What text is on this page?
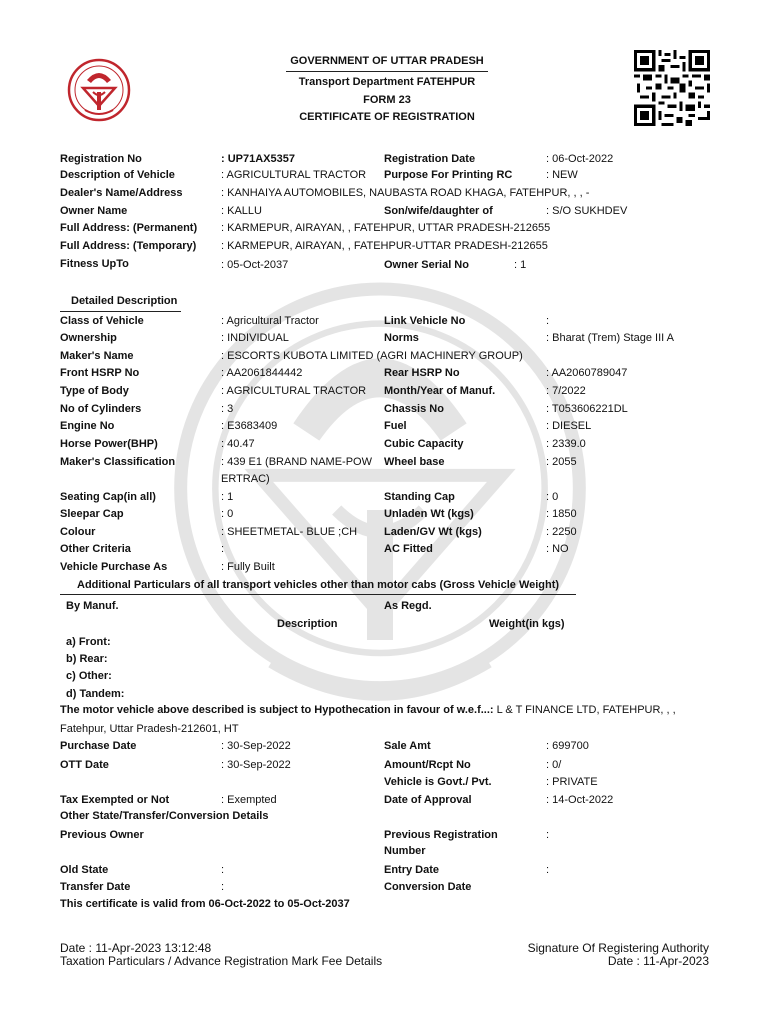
GOVERNMENT OF UTTAR PRADESH
Transport Department FATEHPUR
FORM 23
CERTIFICATE OF REGISTRATION
Registration No	: UP71AX5357	Registration Date	: 06-Oct-2022
Description of Vehicle	: AGRICULTURAL TRACTOR Purpose For Printing RC	: NEW
Dealer's Name/Address	: KANHAIYA AUTOMOBILES, NAUBASTA ROAD KHAGA, FATEHPUR, , , -
Owner Name	: KALLU	Son/wife/daughter of	: S/O SUKHDEV
Full Address: (Permanent) : KARMEPUR, AIRAYAN, , FATEHPUR, UTTAR PRADESH-212655
Full Address: (Temporary) : KARMEPUR, AIRAYAN, , FATEHPUR-UTTAR PRADESH-212655
Fitness UpTo	: 05-Oct-2037	Owner Serial No	: 1
Detailed Description
Class of Vehicle	: Agricultural Tractor	Link Vehicle No	:
Ownership	: INDIVIDUAL	Norms	: Bharat (Trem) Stage III A
Maker's Name	: ESCORTS KUBOTA LIMITED (AGRI MACHINERY GROUP)
Front HSRP No	: AA2061844442	Rear HSRP No	: AA2060789047
Type of Body	: AGRICULTURAL TRACTOR Month/Year of Manuf.	: 7/2022
No of Cylinders	: 3	Chassis No	: T053606221DL
Engine No	: E3683409	Fuel	: DIESEL
Horse Power(BHP)	: 40.47	Cubic Capacity	: 2339.0
Maker's Classification	: 439 E1 (BRAND NAME-POW
ERTRAC)
Wheel base	: 2055
Seating Cap(in all)	: 1	Standing Cap	: 0
Sleepar Cap	: 0	Unladen Wt (kgs)	: 1850
Colour	: SHEETMETAL- BLUE ;CH Laden/GV Wt (kgs)	: 2250
Other Criteria	:	AC Fitted	: NO
Vehicle Purchase As	: Fully Built
Additional Particulars of all transport vehicles other than motor cabs (Gross Vehicle Weight)
By Manuf.	As Regd.
Description	Weight(in kgs)
a) Front:
b) Rear:
c) Other:
d) Tandem:
The motor vehicle above described is subject to Hypothecation in favour of w.e.f...: L & T FINANCE LTD, FATEHPUR, , ,
Fatehpur, Uttar Pradesh-212601, HT
Purchase Date	: 30-Sep-2022	Sale Amt	: 699700
OTT Date	: 30-Sep-2022	Amount/Rcpt No	: 0/
Vehicle is Govt./ Pvt.	: PRIVATE
Tax Exempted or Not	: Exempted	Date of Approval	: 14-Oct-2022
Other State/Transfer/Conversion Details
Previous Owner	Previous Registration
Number
:
Old State	:	Entry Date	:
Transfer Date	:	Conversion Date
This certificate is valid from 06-Oct-2022 to 05-Oct-2037
Date : 11-Apr-2023 13:12:48
Taxation Particulars / Advance Registration Mark Fee Details
Signature Of Registering Authority
Date : 11-Apr-2023
